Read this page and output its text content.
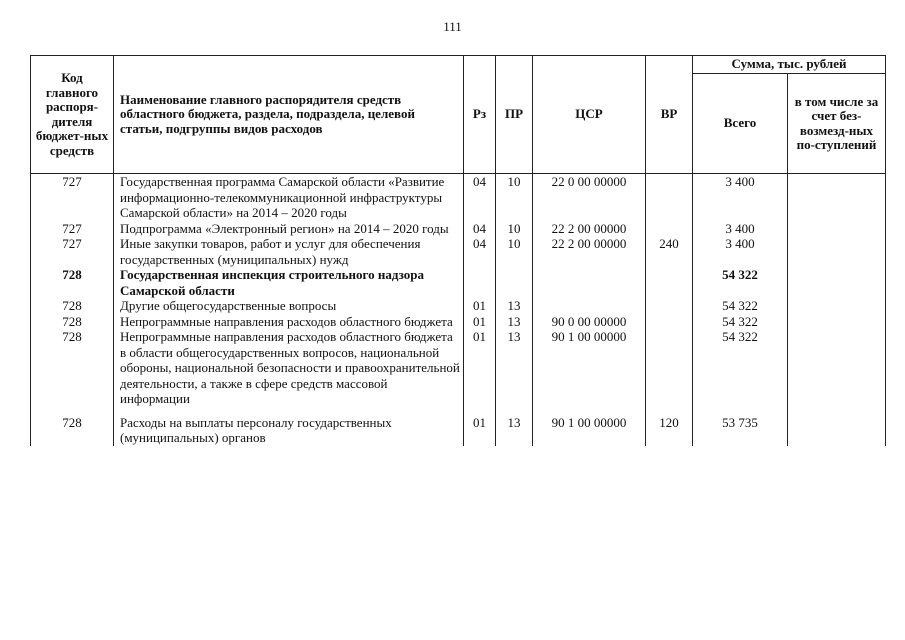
111
Код главного распоря-дителя бюджет-ных средств	Наименование главного распорядителя средств областного бюджета, раздела, подраздела, целевой статьи, подгруппы видов расходов	Рз	ПР	ЦСР	ВР	Сумма, тыс. рублей	
						Всего	в том числе за счет без-возмезд-ных по-ступлений
727	Государственная программа Самарской области «Развитие информационно-телекоммуникационной инфраструктуры Самарской области» на 2014 – 2020 годы	04	10	22 0 00 00000		3 400	
727	Подпрограмма «Электронный регион» на 2014 – 2020 годы	04	10	22 2 00 00000		3 400	
727	Иные закупки товаров, работ и услуг для обеспечения государственных (муниципальных) нужд	04	10	22 2 00 00000	240	3 400	
728	Государственная инспекция строительного надзора Самарской области					54 322	
728	Другие общегосударственные вопросы	01	13			54 322	
728	Непрограммные направления расходов областного бюджета	01	13	90 0 00 00000		54 322	
728	Непрограммные направления расходов областного бюджета в области общегосударственных вопросов, национальной обороны, национальной безопасности и правоохранительной деятельности, а также в сфере средств массовой информации	01	13	90 1 00 00000		54 322	
728	Расходы на выплаты персоналу государственных (муниципальных) органов	01	13	90 1 00 00000	120	53 735	
